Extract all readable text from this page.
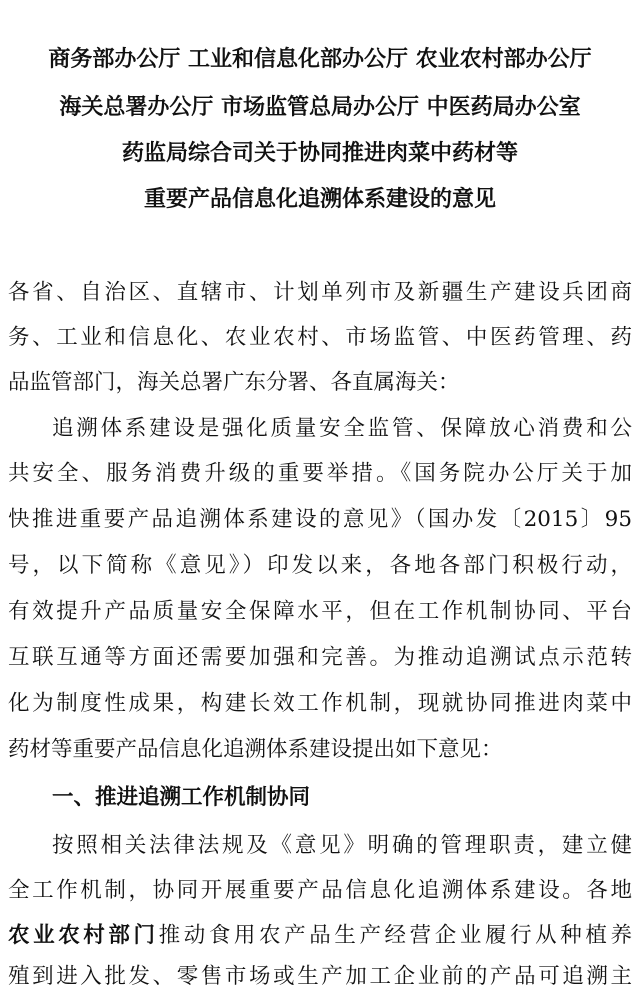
商务部办公厅 工业和信息化部办公厅 农业农村部办公厅
海关总署办公厅 市场监管总局办公厅 中医药局办公室
药监局综合司关于协同推进肉菜中药材等
重要产品信息化追溯体系建设的意见
各省、自治区、直辖市、计划单列市及新疆生产建设兵团商
务、工业和信息化、农业农村、市场监管、中医药管理、药
品监管部门，海关总署广东分署、各直属海关：
追溯体系建设是强化质量安全监管、保障放心消费和公
共安全、服务消费升级的重要举措。《国务院办公厅关于加
快推进重要产品追溯体系建设的意见》（国办发〔2015〕95
号，以下简称《意见》）印发以来，各地各部门积极行动，
有效提升产品质量安全保障水平，但在工作机制协同、平台
互联互通等方面还需要加强和完善。为推动追溯试点示范转
化为制度性成果，构建长效工作机制，现就协同推进肉菜中
药材等重要产品信息化追溯体系建设提出如下意见：
一、推进追溯工作机制协同
按照相关法律法规及《意见》明确的管理职责，建立健
全工作机制，协同开展重要产品信息化追溯体系建设。各地
农业农村部门推动食用农产品生产经营企业履行从种植养
殖到进入批发、零售市场或生产加工企业前的产品可追溯主
